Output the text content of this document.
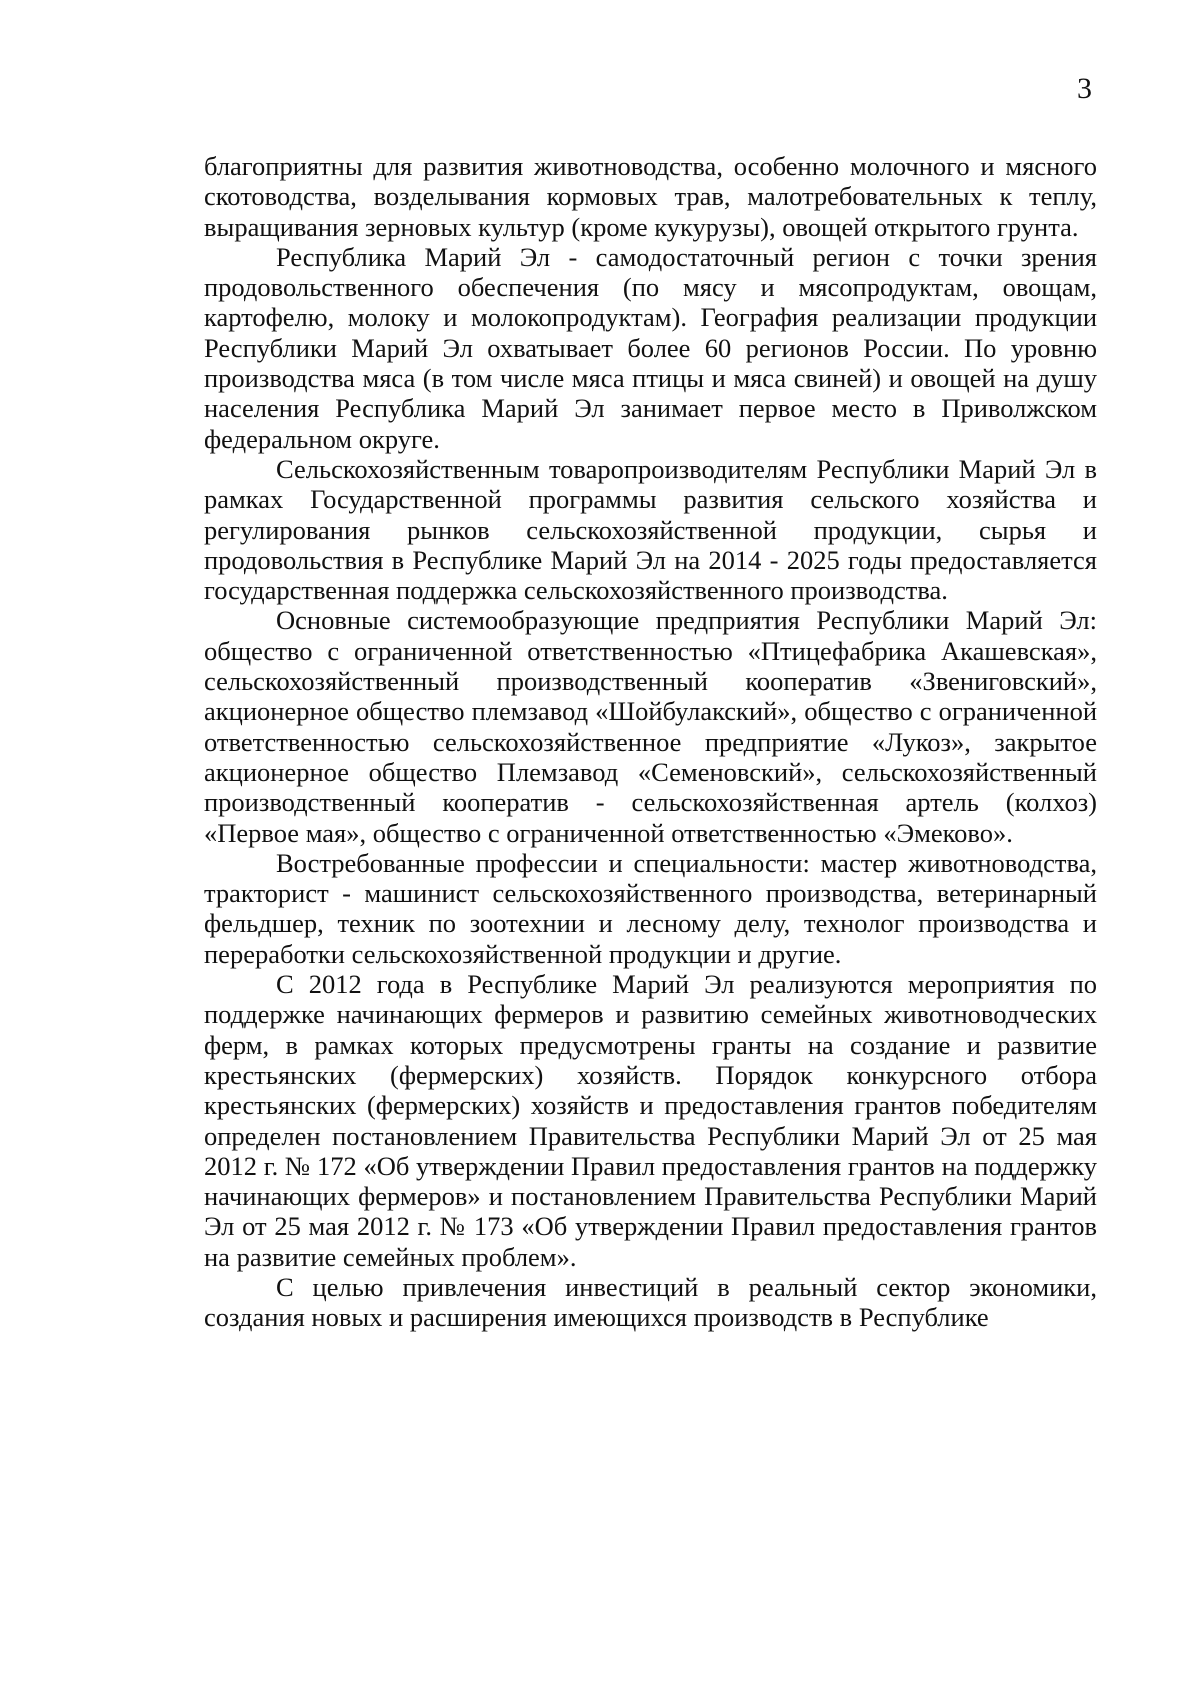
3

благоприятны для развития животноводства, особенно молочного и мясного скотоводства, возделывания кормовых трав, малотребовательных к теплу, выращивания зерновых культур (кроме кукурузы), овощей открытого грунта.

Республика Марий Эл - самодостаточный регион с точки зрения продовольственного обеспечения (по мясу и мясопродуктам, овощам, картофелю, молоку и молокопродуктам). География реализации продукции Республики Марий Эл охватывает более 60 регионов России. По уровню производства мяса (в том числе мяса птицы и мяса свиней) и овощей на душу населения Республика Марий Эл занимает первое место в Приволжском федеральном округе.

Сельскохозяйственным товаропроизводителям Республики Марий Эл в рамках Государственной программы развития сельского хозяйства и регулирования рынков сельскохозяйственной продукции, сырья и продовольствия в Республике Марий Эл на 2014 - 2025 годы предоставляется государственная поддержка сельскохозяйственного производства.

Основные системообразующие предприятия Республики Марий Эл: общество с ограниченной ответственностью «Птицефабрика Акашевская», сельскохозяйственный производственный кооператив «Звениговский», акционерное общество племзавод «Шойбулакский», общество с ограниченной ответственностью сельскохозяйственное предприятие «Лукоз», закрытое акционерное общество Племзавод «Семеновский», сельскохозяйственный производственный кооператив - сельскохозяйственная артель (колхоз) «Первое мая», общество с ограниченной ответственностью «Эмеково».

Востребованные профессии и специальности: мастер животноводства, тракторист - машинист сельскохозяйственного производства, ветеринарный фельдшер, техник по зоотехнии и лесному делу, технолог производства и переработки сельскохозяйственной продукции и другие.

С 2012 года в Республике Марий Эл реализуются мероприятия по поддержке начинающих фермеров и развитию семейных животноводческих ферм, в рамках которых предусмотрены гранты на создание и развитие крестьянских (фермерских) хозяйств. Порядок конкурсного отбора крестьянских (фермерских) хозяйств и предоставления грантов победителям определен постановлением Правительства Республики Марий Эл от 25 мая 2012 г. № 172 «Об утверждении Правил предоставления грантов на поддержку начинающих фермеров» и постановлением Правительства Республики Марий Эл от 25 мая 2012 г. № 173 «Об утверждении Правил предоставления грантов на развитие семейных проблем».

С целью привлечения инвестиций в реальный сектор экономики, создания новых и расширения имеющихся производств в Республике
